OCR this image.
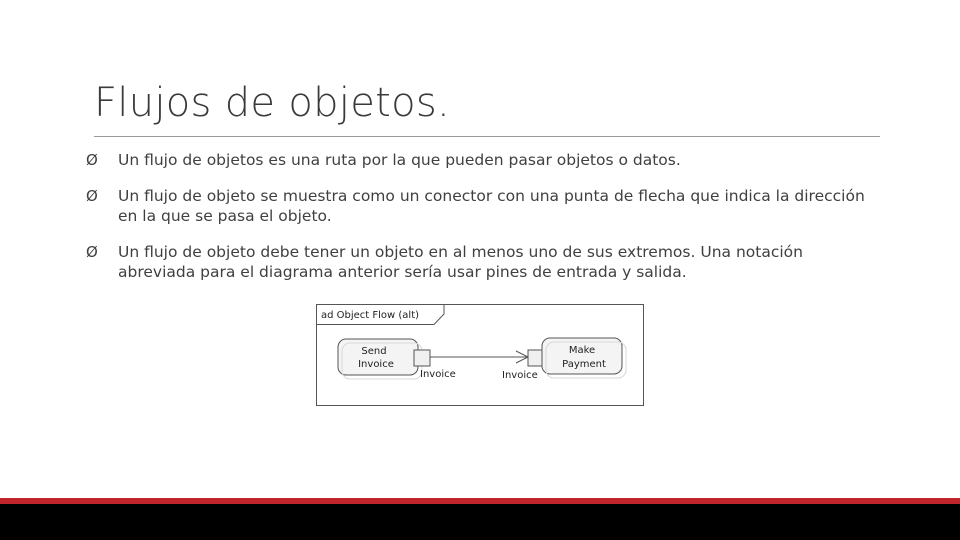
Flujos de objetos.
Ø Un flujo de objetos es una ruta por la que pueden pasar objetos o datos.
Ø Un flujo de objeto se muestra como un conector con una punta de flecha que indica la dirección en la que se pasa el objeto.
Ø Un flujo de objeto debe tener un objeto en al menos uno de sus extremos. Una notación abreviada para el diagrama anterior sería usar pines de entrada y salida.
ad Object Flow (alt)
Send
Invoice
Invoice	Invoice
Make
Payment
